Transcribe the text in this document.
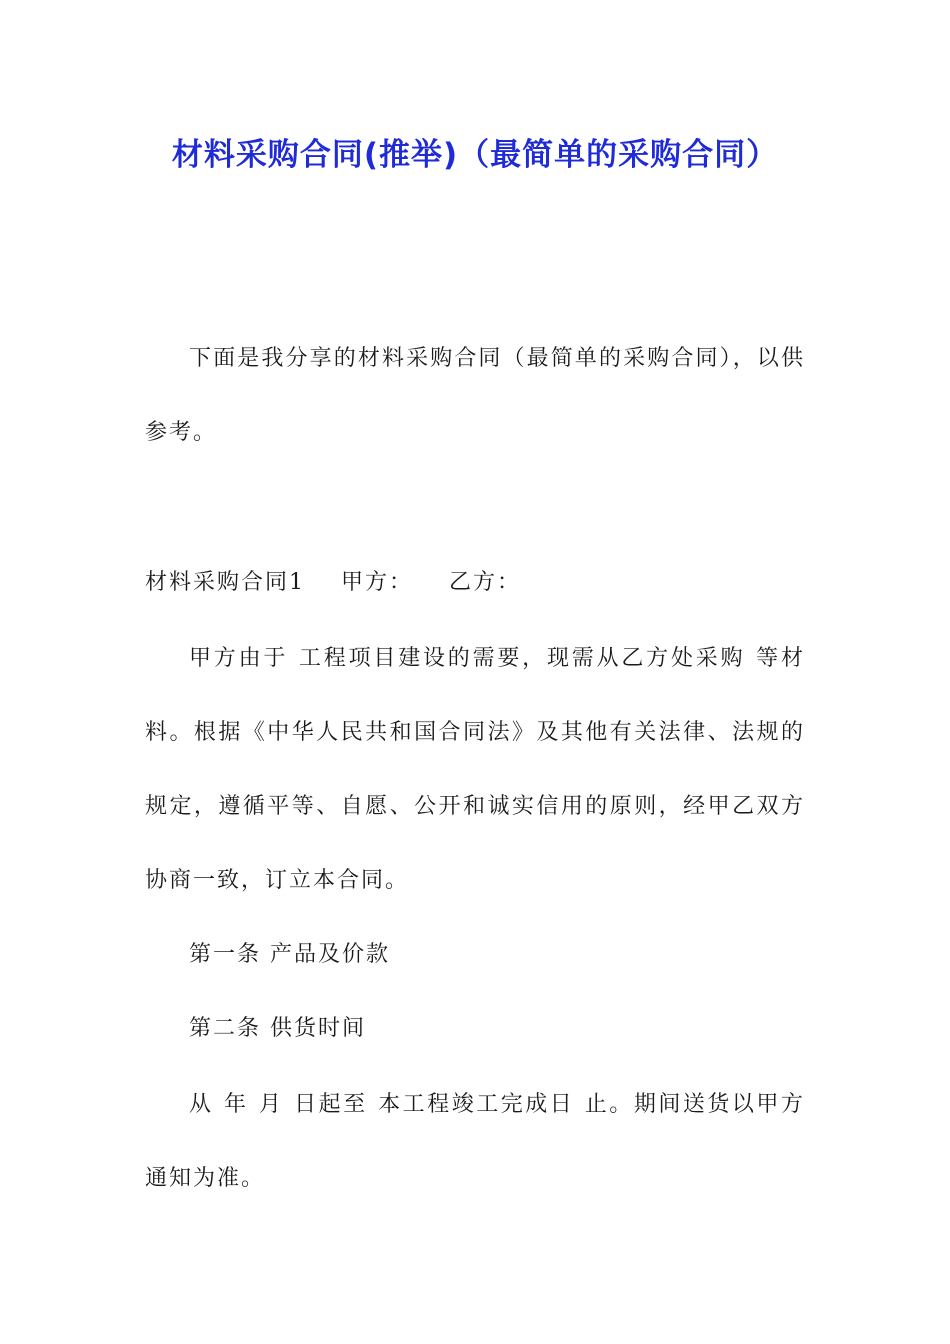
材料采购合同(推举)（最简单的采购合同）

下面是我分享的材料采购合同（最简单的采购合同），以供参考。

材料采购合同1 甲方： 乙方：

甲方由于 工程项目建设的需要，现需从乙方处采购 等材料。根据《中华人民共和国合同法》及其他有关法律、法规的规定，遵循平等、自愿、公开和诚实信用的原则，经甲乙双方协商一致，订立本合同。

第一条 产品及价款

第二条 供货时间

从 年 月 日起至 本工程竣工完成日 止。期间送货以甲方通知为准。
